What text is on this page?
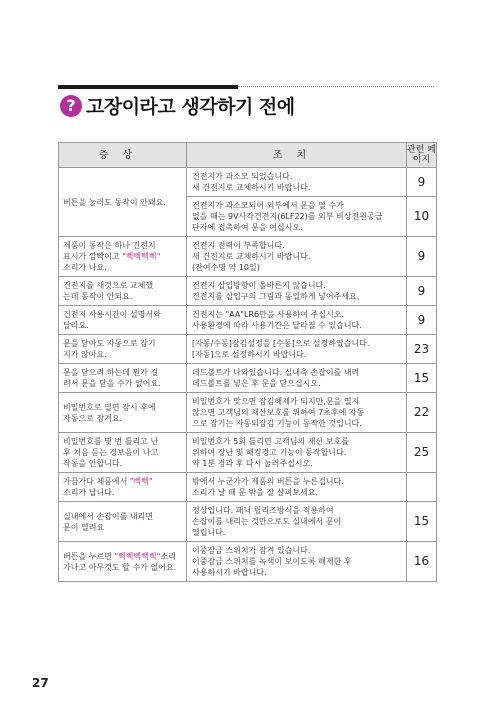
? 고장이라고 생각하기 전에
증상	조치	관련 페이지
버튼을 눌러도 동작이 안돼요.	건전지가 과소모 되었습니다.
새 건전지로 교체하시기 바랍니다.	9
	건전지가 과소모되어 외부에서 문을 열 수가
없을 때는 9V사각건전지(6LF22)를 외부 비상전원공급
단자에 접촉하여 문을 여십시오.	10
제품이 동작은 하나 건전지
표시가 깜빡이고 "삑삑삑삑"
소리가 나요.	건전지 전력이 부족합니다.
새 건전지로 교체하시기 바랍니다.
(잔여수명 약 10일)	9
건전지를 새것으로 교체했
는데 동작이 안되요.	건전지 삽입방향이 올바른지 않습니다.
건전지를 삽입구의 그림과 동일하게 넣어주세요.	9
건전지 사용시간이 설명서와
달라요.	건전지는 "AA"LR6만을 사용하여 주십시오.
사용환경에 따라 사용기간은 달라질 수 있습니다.	9
문을 닫아도 자동으로 잠기
지가 않아요.	[자동/수동]잠김설정을 [수동]으로 설정하였습니다.
[자동]으로 설정하시기 바랍니다.	23
문을 닫으려 하는데 뭔가 걸
려서 문을 닫을 수가 없어요.	데드볼트가 나와있습니다. 실내측 손잡이를 내려
데드볼트를 넣은 후 문을 닫으십시오.	15
비밀번호로 열면 잠시 후에
자동으로 잠겨요.	비밀번호가 맞으면 잠김해제가 되지만,문을 열지
않으면 고객님의 재산보호를 위하여 7초후에 자동
으로 잠기는 자동되잠김 기능이 동작한 것입니다.	22
비밀번호를 몇 번 틀리고 난
후 처음 듣는 경보음이 나고
작동을 안합니다.	비밀번호가 5회 틀리면 고객님의 재산 보호를
위하여 장난 및 해킹경고 기능이 동작합니다.
약 1분 경과 후 다시 눌러주십시오.	25
가끔가다 제품에서 "삑삑"
소리가 납니다.	밖에서 누군가가 제품의 버튼을 누른겁니다.
소리가 날 때 문 밖을 잘 살펴보세요.	
실내에서 손잡이를 내리면
문이 열려요	정상입니다. 패닉 릴리즈방식을 적용하여
손잡이를 내리는 것만으로도 실내에서 문이
열립니다.	15
버튼을 누르면 "삑삑삑삑삑"소리
가나고 아무것도 할 수가 없어요.	이중잠금 스위치가 잠겨 있습니다.
이중잠금 스위치를 녹색이 보이도록 해제한 후
사용하시기 바랍니다.	16
27
